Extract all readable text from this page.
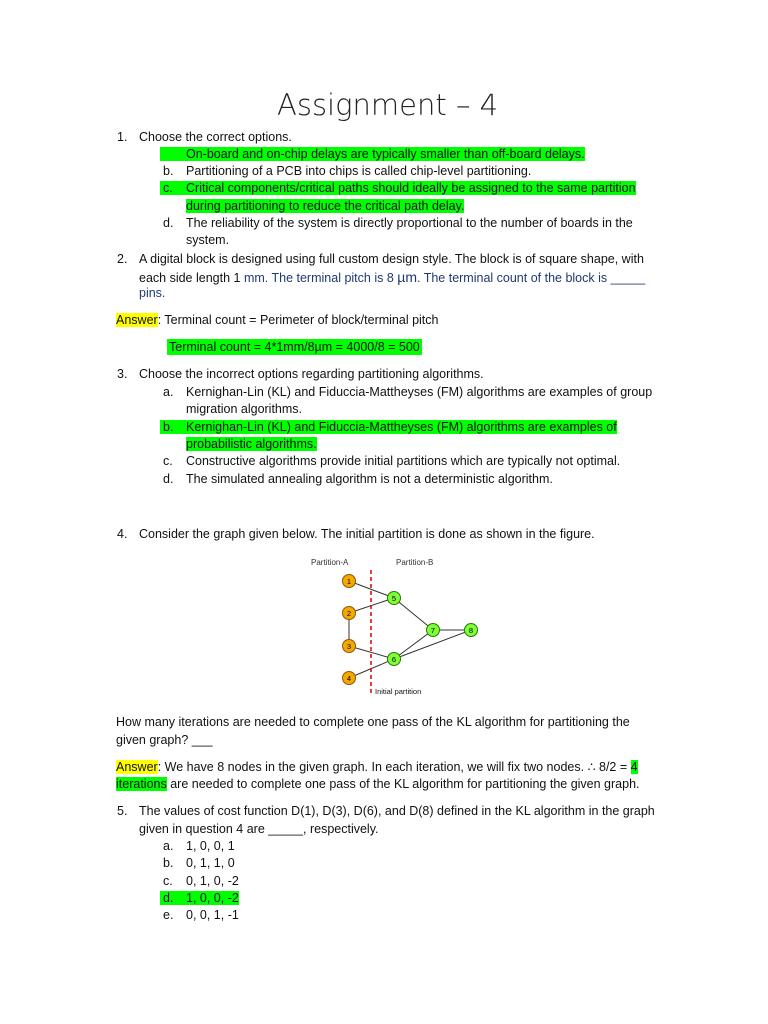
Assignment – 4
1. Choose the correct options.
On-board and on-chip delays are typically smaller than off-board delays.
b. Partitioning of a PCB into chips is called chip-level partitioning.
Critical components/critical paths should ideally be assigned to the same partition
c.
during partitioning to reduce the critical path delay.
d. The reliability of the system is directly proportional to the number of boards in the
system.
2. A digital block is designed using full custom design style. The block is of square shape, with
each side length 1 mm. The terminal pitch is 8 µm. The terminal count of the block is _____
pins.
Answer: Terminal count = Perimeter of block/terminal pitch
Terminal count = 4*1mm/8µm = 4000/8 = 500
3. Choose the incorrect options regarding partitioning algorithms.
a. Kernighan-Lin (KL) and Fiduccia-Mattheyses (FM) algorithms are examples of group
migration algorithms.
Kernighan-Lin (KL) and Fiduccia-Mattheyses (FM) algorithms are examples of
b.
probabilistic algorithms.
c. Constructive algorithms provide initial partitions which are typically not optimal.
d. The simulated annealing algorithm is not a deterministic algorithm.
4. Consider the graph given below. The initial partition is done as shown in the figure.
Partition-A	Partition-B
Initial partition
1
2
3
4
5
6
7	8
How many iterations are needed to complete one pass of the KL algorithm for partitioning the
given graph? ___
Answer: We have 8 nodes in the given graph. In each iteration, we will fix two nodes. ∴ 8/2 = 4
iterations are needed to complete one pass of the KL algorithm for partitioning the given graph.
5. The values of cost function D(1), D(3), D(6), and D(8) defined in the KL algorithm in the graph
given in question 4 are _____, respectively.
a. 1, 0, 0, 1
b. 0, 1, 1, 0
c. 0, 1, 0, -2
1, 0, 0, -2
d.
e. 0, 0, 1, -1
